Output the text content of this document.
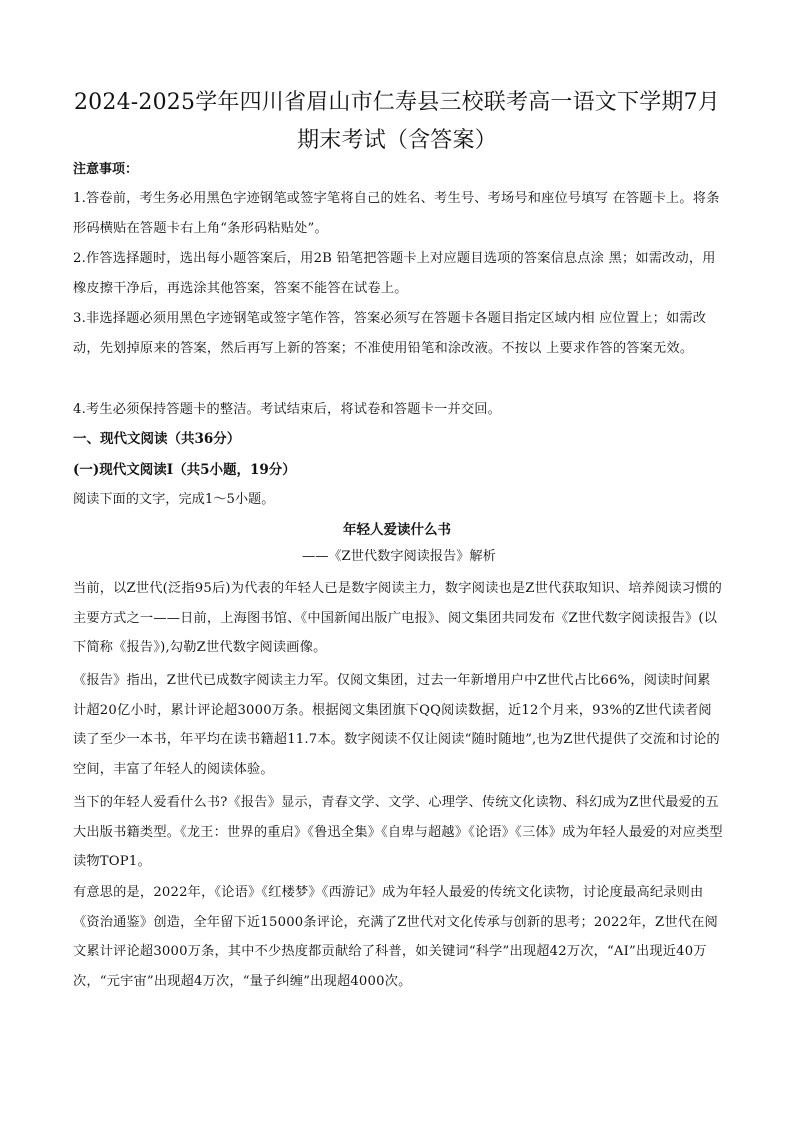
2024-2025学年四川省眉山市仁寿县三校联考高一语文下学期7月
期末考试（含答案）
注意事项：
1.答卷前，考生务必用黑色字迹钢笔或签字笔将自己的姓名、考生号、考场号和座位号填写 在答题卡上。将条形码横贴在答题卡右上角“条形码粘贴处”。
2.作答选择题时，选出每小题答案后，用2B 铅笔把答题卡上对应题目选项的答案信息点涂 黑；如需改动，用橡皮擦干净后，再选涂其他答案，答案不能答在试卷上。
3.非选择题必须用黑色字迹钢笔或签字笔作答，答案必须写在答题卡各题目指定区域内相 应位置上；如需改动，先划掉原来的答案，然后再写上新的答案；不准使用铅笔和涂改液。不按以 上要求作答的答案无效。
4.考生必须保持答题卡的整洁。考试结束后，将试卷和答题卡一并交回。
一、现代文阅读（共36分）
(一)现代文阅读I（共5小题，19分）
阅读下面的文字，完成1～5小题。
年轻人爱读什么书
——《Z世代数字阅读报告》解析
当前，以Z世代(泛指95后)为代表的年轻人已是数字阅读主力，数字阅读也是Z世代获取知识、培养阅读习惯的主要方式之一——日前，上海图书馆、《中国新闻出版广电报》、阅文集团共同发布《Z世代数字阅读报告》(以下简称《报告》),勾勒Z世代数字阅读画像。
《报告》指出，Z世代已成数字阅读主力军。仅阅文集团，过去一年新增用户中Z世代占比66%，阅读时间累计超20亿小时，累计评论超3000万条。根据阅文集团旗下QQ阅读数据，近12个月来，93%的Z世代读者阅读了至少一本书，年平均在读书籍超11.7本。数字阅读不仅让阅读“随时随地”,也为Z世代提供了交流和讨论的空间，丰富了年轻人的阅读体验。
当下的年轻人爱看什么书?《报告》显示，青春文学、文学、心理学、传统文化读物、科幻成为Z世代最爱的五大出版书籍类型。《龙王：世界的重启》《鲁迅全集》《自卑与超越》《论语》《三体》成为年轻人最爱的对应类型读物TOP1。
有意思的是，2022年，《论语》《红楼梦》《西游记》成为年轻人最爱的传统文化读物，讨论度最高纪录则由《资治通鉴》创造，全年留下近15000条评论，充满了Z世代对文化传承与创新的思考；2022年，Z世代在阅文累计评论超3000万条，其中不少热度都贡献给了科普，如关键词“科学”出现超42万次，“AI”出现近40万次，“元宇宙”出现超4万次，“量子纠缠”出现超4000次。
